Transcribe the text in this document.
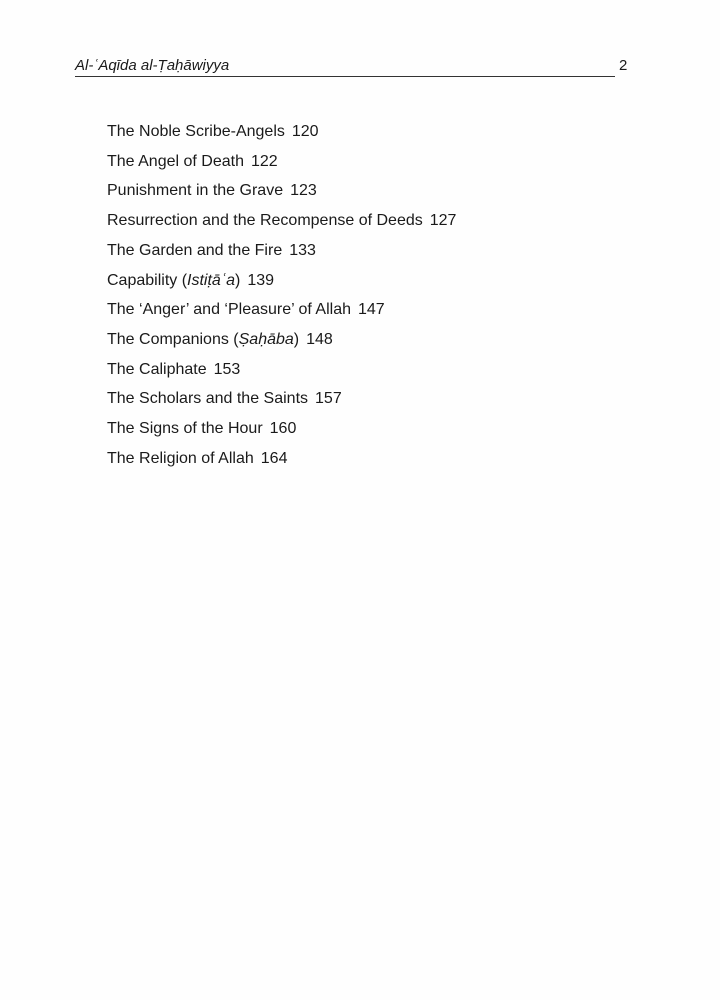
Al-ʿAqīda al-Ṭaḥāwiyya	2
The Noble Scribe-Angels 120
The Angel of Death 122
Punishment in the Grave 123
Resurrection and the Recompense of Deeds 127
The Garden and the Fire 133
Capability (Istiṭāʿa) 139
The ‘Anger’ and ‘Pleasure’ of Allah 147
The Companions (Ṣaḥāba) 148
The Caliphate 153
The Scholars and the Saints 157
The Signs of the Hour 160
The Religion of Allah 164
